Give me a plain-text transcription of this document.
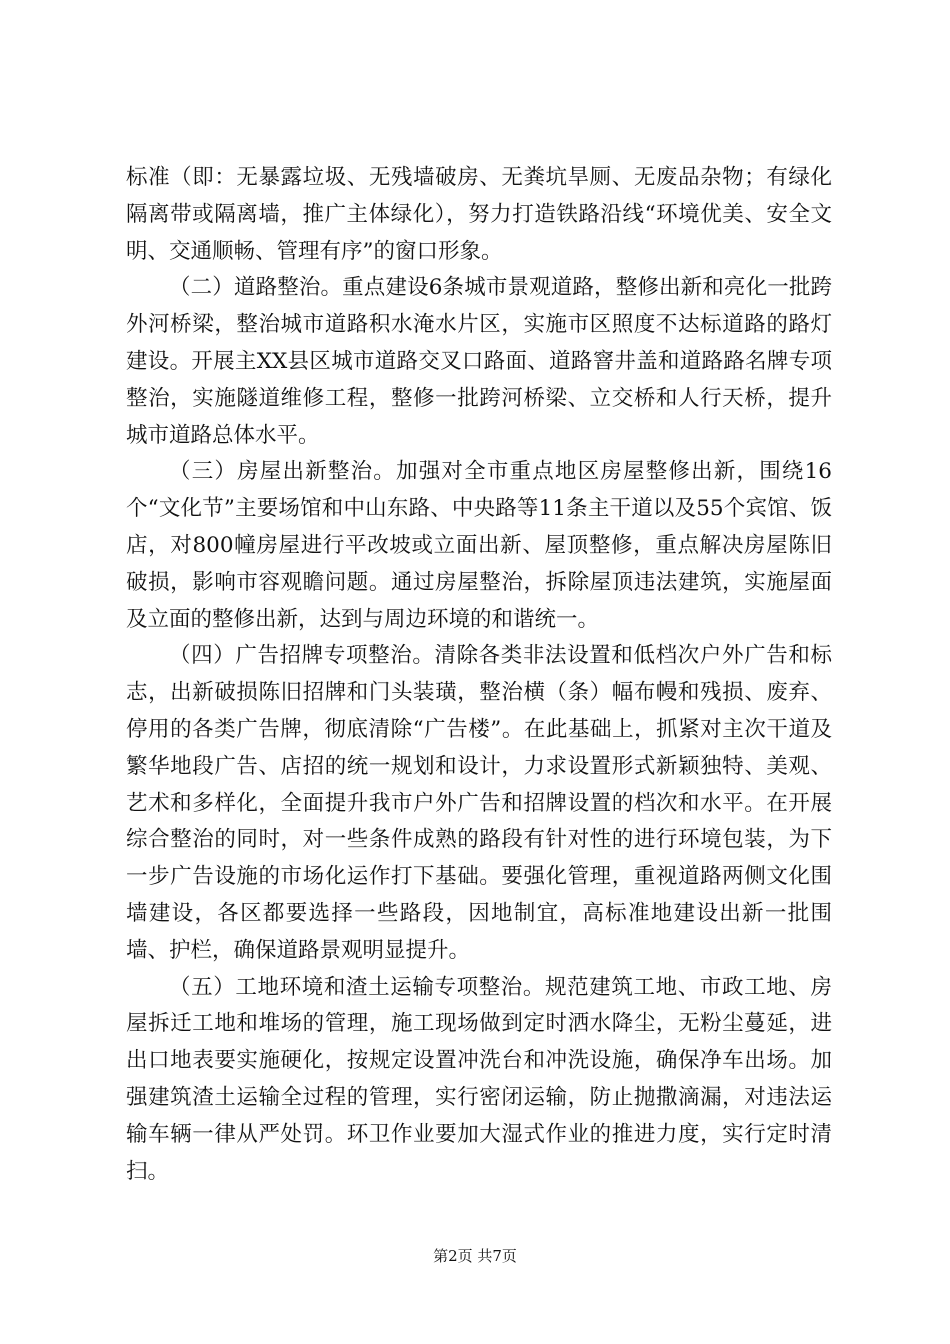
标准（即：无暴露垃圾、无残墙破房、无粪坑旱厕、无废品杂物；有绿化隔离带或隔离墙，推广主体绿化），努力打造铁路沿线“环境优美、安全文明、交通顺畅、管理有序”的窗口形象。

（二）道路整治。重点建设6条城市景观道路，整修出新和亮化一批跨外河桥梁，整治城市道路积水淹水片区，实施市区照度不达标道路的路灯建设。开展主XX县区城市道路交叉口路面、道路窨井盖和道路路名牌专项整治，实施隧道维修工程，整修一批跨河桥梁、立交桥和人行天桥，提升城市道路总体水平。

（三）房屋出新整治。加强对全市重点地区房屋整修出新，围绕16个“文化节”主要场馆和中山东路、中央路等11条主干道以及55个宾馆、饭店，对800幢房屋进行平改坡或立面出新、屋顶整修，重点解决房屋陈旧破损，影响市容观瞻问题。通过房屋整治，拆除屋顶违法建筑，实施屋面及立面的整修出新，达到与周边环境的和谐统一。

（四）广告招牌专项整治。清除各类非法设置和低档次户外广告和标志，出新破损陈旧招牌和门头装璜，整治横（条）幅布幔和残损、废弃、停用的各类广告牌，彻底清除“广告楼”。在此基础上，抓紧对主次干道及繁华地段广告、店招的统一规划和设计，力求设置形式新颖独特、美观、艺术和多样化，全面提升我市户外广告和招牌设置的档次和水平。在开展综合整治的同时，对一些条件成熟的路段有针对性的进行环境包装，为下一步广告设施的市场化运作打下基础。要强化管理，重视道路两侧文化围墙建设，各区都要选择一些路段，因地制宜，高标准地建设出新一批围墙、护栏，确保道路景观明显提升。

（五）工地环境和渣土运输专项整治。规范建筑工地、市政工地、房屋拆迁工地和堆场的管理，施工现场做到定时洒水降尘，无粉尘蔓延，进出口地表要实施硬化，按规定设置冲洗台和冲洗设施，确保净车出场。加强建筑渣土运输全过程的管理，实行密闭运输，防止抛撒滴漏，对违法运输车辆一律从严处罚。环卫作业要加大湿式作业的推进力度，实行定时清扫。

第2页 共7页
